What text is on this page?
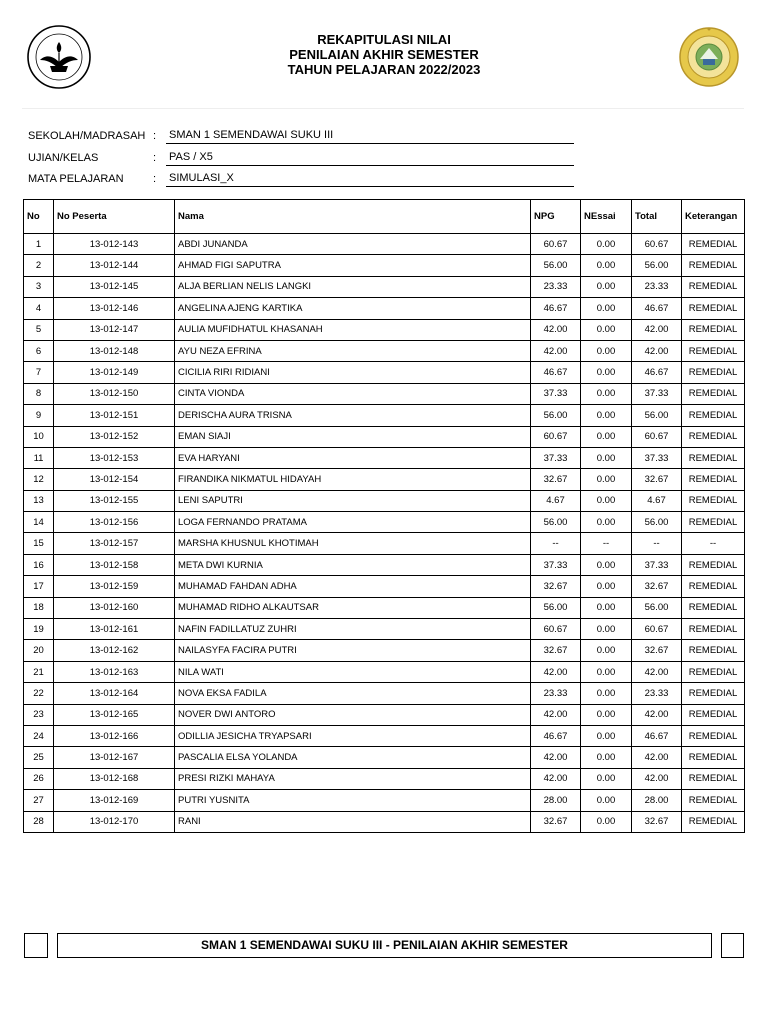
REKAPITULASI NILAI
PENILAIAN AKHIR SEMESTER
TAHUN PELAJARAN 2022/2023
SEKOLAH/MADRASAH : SMAN 1 SEMENDAWAI SUKU III
UJIAN/KELAS	: PAS / X5
MATA PELAJARAN	: SIMULASI_X
No	No Peserta	Nama	NPG	NEssai	Total	Keterangan
1	13-012-143	ABDI JUNANDA	60.67	0.00	60.67	REMEDIAL
2	13-012-144	AHMAD FIGI SAPUTRA	56.00	0.00	56.00	REMEDIAL
3	13-012-145	ALJA BERLIAN NELIS LANGKI	23.33	0.00	23.33	REMEDIAL
4	13-012-146	ANGELINA AJENG KARTIKA	46.67	0.00	46.67	REMEDIAL
5	13-012-147	AULIA MUFIDHATUL KHASANAH	42.00	0.00	42.00	REMEDIAL
6	13-012-148	AYU NEZA EFRINA	42.00	0.00	42.00	REMEDIAL
7	13-012-149	CICILIA RIRI RIDIANI	46.67	0.00	46.67	REMEDIAL
8	13-012-150	CINTA VIONDA	37.33	0.00	37.33	REMEDIAL
9	13-012-151	DERISCHA AURA TRISNA	56.00	0.00	56.00	REMEDIAL
10	13-012-152	EMAN SIAJI	60.67	0.00	60.67	REMEDIAL
11	13-012-153	EVA HARYANI	37.33	0.00	37.33	REMEDIAL
12	13-012-154	FIRANDIKA NIKMATUL HIDAYAH	32.67	0.00	32.67	REMEDIAL
13	13-012-155	LENI SAPUTRI	4.67	0.00	4.67	REMEDIAL
14	13-012-156	LOGA FERNANDO PRATAMA	56.00	0.00	56.00	REMEDIAL
15	13-012-157	MARSHA KHUSNUL KHOTIMAH	--	--	--	--
16	13-012-158	META DWI KURNIA	37.33	0.00	37.33	REMEDIAL
17	13-012-159	MUHAMAD FAHDAN ADHA	32.67	0.00	32.67	REMEDIAL
18	13-012-160	MUHAMAD RIDHO ALKAUTSAR	56.00	0.00	56.00	REMEDIAL
19	13-012-161	NAFIN FADILLATUZ ZUHRI	60.67	0.00	60.67	REMEDIAL
20	13-012-162	NAILASYFA FACIRA PUTRI	32.67	0.00	32.67	REMEDIAL
21	13-012-163	NILA WATI	42.00	0.00	42.00	REMEDIAL
22	13-012-164	NOVA EKSA FADILA	23.33	0.00	23.33	REMEDIAL
23	13-012-165	NOVER DWI ANTORO	42.00	0.00	42.00	REMEDIAL
24	13-012-166	ODILLIA JESICHA TRYAPSARI	46.67	0.00	46.67	REMEDIAL
25	13-012-167	PASCALIA ELSA YOLANDA	42.00	0.00	42.00	REMEDIAL
26	13-012-168	PRESI RIZKI MAHAYA	42.00	0.00	42.00	REMEDIAL
27	13-012-169	PUTRI YUSNITA	28.00	0.00	28.00	REMEDIAL
28	13-012-170	RANI	32.67	0.00	32.67	REMEDIAL
SMAN 1 SEMENDAWAI SUKU III - PENILAIAN AKHIR SEMESTER
